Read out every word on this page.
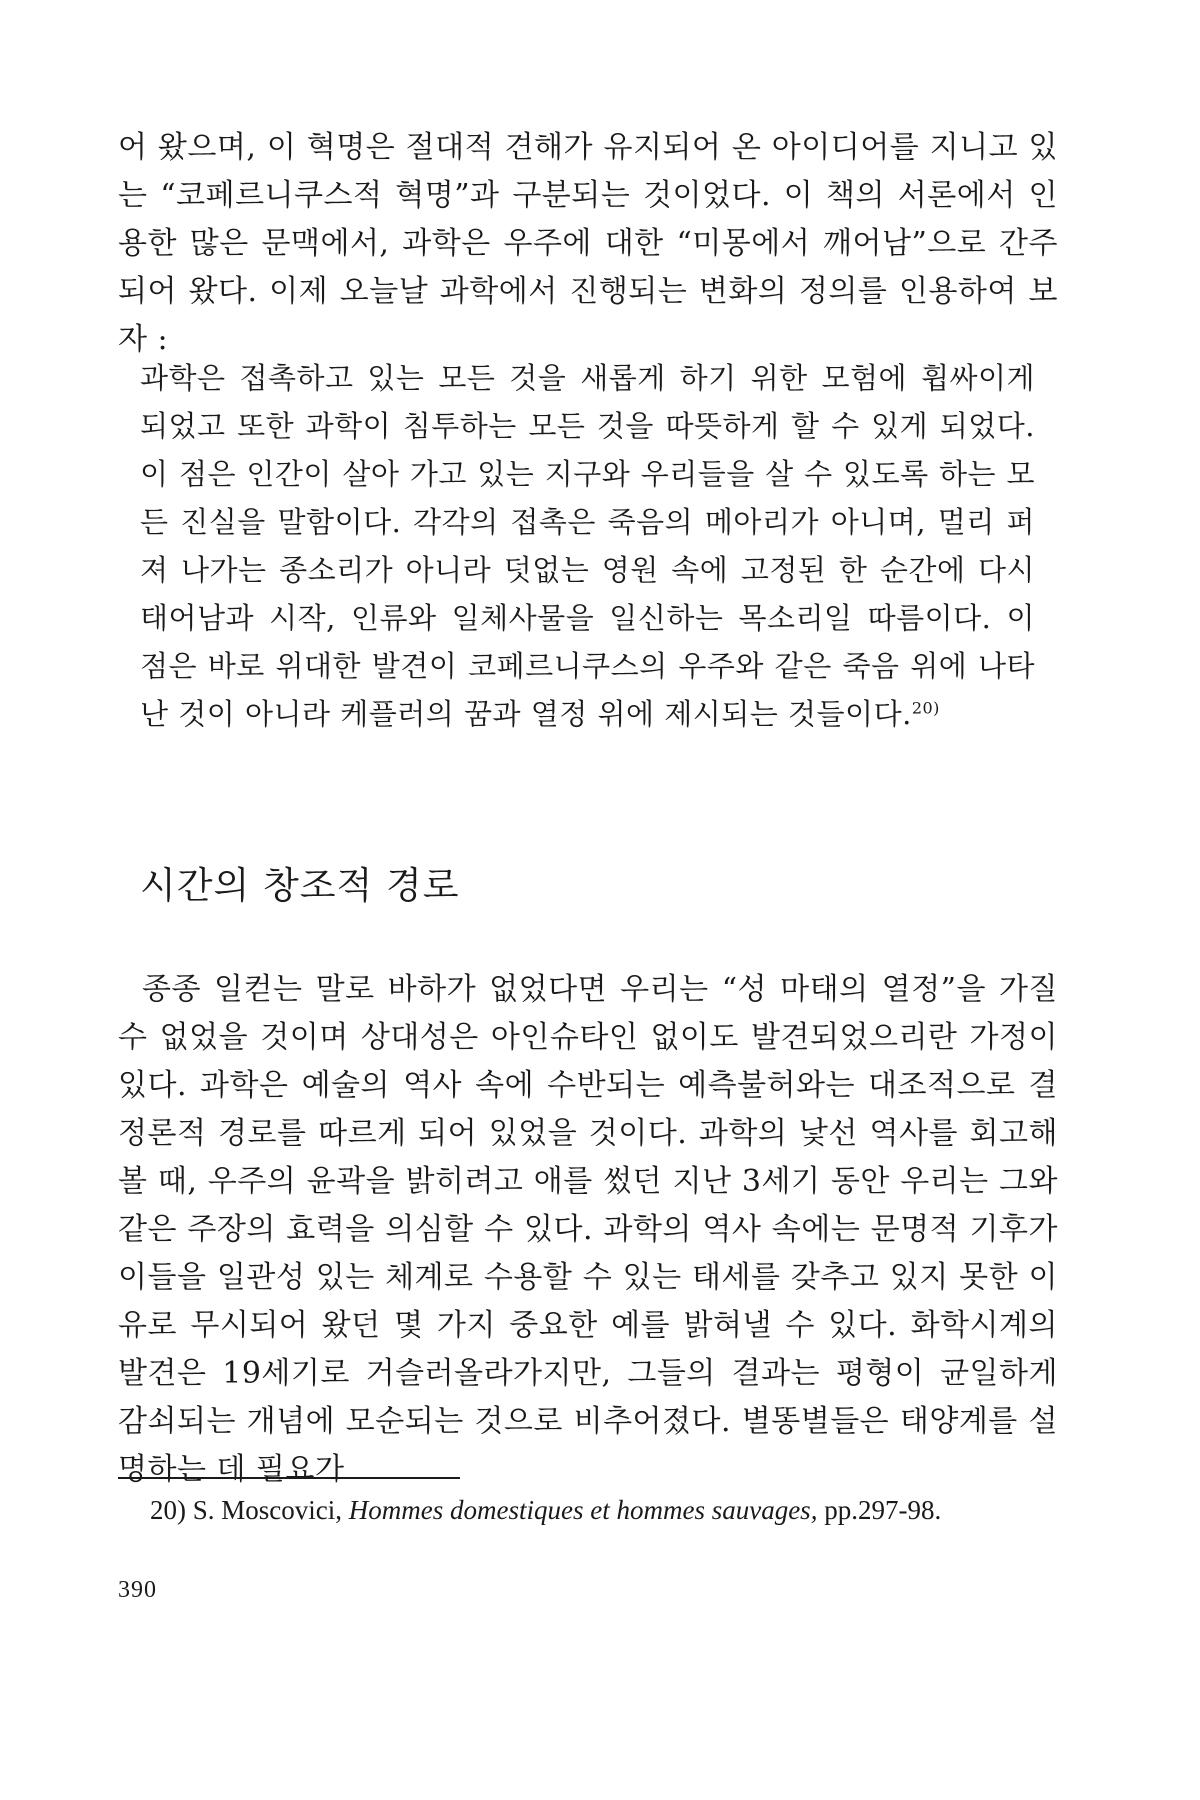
어 왔으며, 이 혁명은 절대적 견해가 유지되어 온 아이디어를 지니고 있는 “코페르니쿠스적 혁명”과 구분되는 것이었다. 이 책의 서론에서 인용한 많은 문맥에서, 과학은 우주에 대한 “미몽에서 깨어남”으로 간주되어 왔다. 이제 오늘날 과학에서 진행되는 변화의 정의를 인용하여 보자 :

과학은 접촉하고 있는 모든 것을 새롭게 하기 위한 모험에 휩싸이게 되었고 또한 과학이 침투하는 모든 것을 따뜻하게 할 수 있게 되었다. 이 점은 인간이 살아 가고 있는 지구와 우리들을 살 수 있도록 하는 모든 진실을 말함이다. 각각의 접촉은 죽음의 메아리가 아니며, 멀리 퍼져 나가는 종소리가 아니라 덧없는 영원 속에 고정된 한 순간에 다시 태어남과 시작, 인류와 일체사물을 일신하는 목소리일 따름이다. 이 점은 바로 위대한 발견이 코페르니쿠스의 우주와 같은 죽음 위에 나타난 것이 아니라 케플러의 꿈과 열정 위에 제시되는 것들이다.$^{20)}$

시간의 창조적 경로

종종 일컫는 말로 바하가 없었다면 우리는 “성 마태의 열정”을 가질 수 없었을 것이며 상대성은 아인슈타인 없이도 발견되었으리란 가정이 있다. 과학은 예술의 역사 속에 수반되는 예측불허와는 대조적으로 결정론적 경로를 따르게 되어 있었을 것이다. 과학의 낯선 역사를 회고해 볼 때, 우주의 윤곽을 밝히려고 애를 썼던 지난 3세기 동안 우리는 그와 같은 주장의 효력을 의심할 수 있다. 과학의 역사 속에는 문명적 기후가 이들을 일관성 있는 체계로 수용할 수 있는 태세를 갖추고 있지 못한 이유로 무시되어 왔던 몇 가지 중요한 예를 밝혀낼 수 있다. 화학시계의 발견은 19세기로 거슬러올라가지만, 그들의 결과는 평형이 균일하게 감쇠되는 개념에 모순되는 것으로 비추어졌다. 별똥별들은 태양계를 설명하는 데 필요가

20) S. Moscovici, Hommes domestiques et hommes sauvages, pp.297-98.

390
